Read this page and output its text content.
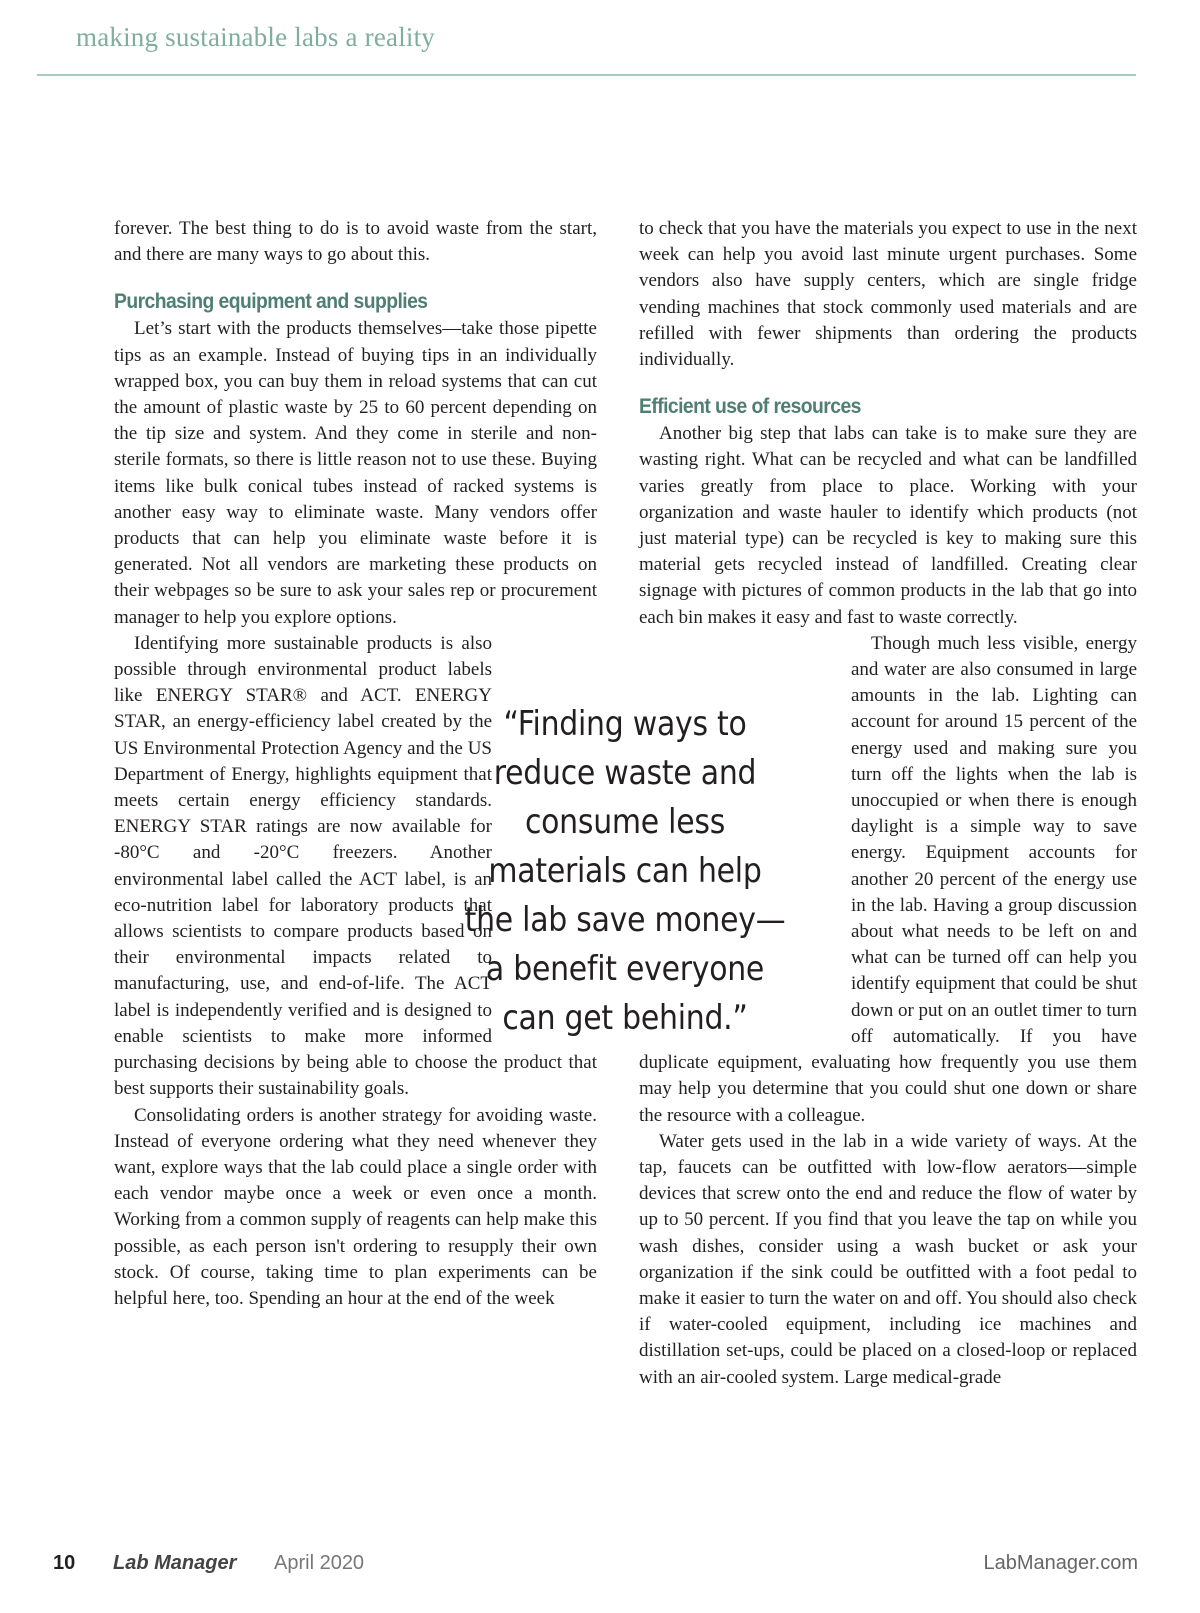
making sustainable labs a reality

forever. The best thing to do is to avoid waste from the start, and there are many ways to go about this.

Purchasing equipment and supplies

Let’s start with the products themselves—take those pipette tips as an example. Instead of buying tips in an individually wrapped box, you can buy them in reload systems that can cut the amount of plastic waste by 25 to 60 percent depending on the tip size and system. And they come in sterile and non-sterile formats, so there is little reason not to use these. Buying items like bulk conical tubes instead of racked systems is another easy way to eliminate waste. Many vendors offer products that can help you eliminate waste before it is generated. Not all vendors are marketing these products on their webpages so be sure to ask your sales rep or procurement manager to help you explore options.

Identifying more sustainable products is also possible through environmental product labels like ENERGY STAR® and ACT. ENERGY STAR, an energy-efficiency label created by the US Environmental Protection Agency and the US Department of Energy, highlights equipment that meets certain energy efficiency standards. ENERGY STAR ratings are now available for -80°C and -20°C freezers. Another environmental label called the ACT label, is an eco-nutrition label for laboratory products that allows scientists to compare products based on their environmental impacts related to manufacturing, use, and end-of-life. The ACT label is independently verified and is designed to enable scientists to make more informed purchasing decisions by being able to choose the product that best supports their sustainability goals.

Consolidating orders is another strategy for avoiding waste. Instead of everyone ordering what they need whenever they want, explore ways that the lab could place a single order with each vendor maybe once a week or even once a month. Working from a common supply of reagents can help make this possible, as each person isn't ordering to resupply their own stock. Of course, taking time to plan experiments can be helpful here, too. Spending an hour at the end of the week

to check that you have the materials you expect to use in the next week can help you avoid last minute urgent purchases. Some vendors also have supply centers, which are single fridge vending machines that stock commonly used materials and are refilled with fewer shipments than ordering the products individually.

Efficient use of resources

Another big step that labs can take is to make sure they are wasting right. What can be recycled and what can be landfilled varies greatly from place to place. Working with your organization and waste hauler to identify which products (not just material type) can be recycled is key to making sure this material gets recycled instead of landfilled. Creating clear signage with pictures of common products in the lab that go into each bin makes it easy and fast to waste correctly.

Though much less visible, energy and water are also consumed in large amounts in the lab. Lighting can account for around 15 percent of the energy used and making sure you turn off the lights when the lab is unoccupied or when there is enough daylight is a simple way to save energy. Equipment accounts for another 20 percent of the energy use in the lab. Having a group discussion about what needs to be left on and what can be turned off can help you identify equipment that could be shut down or put on an outlet timer to turn off automatically. If you have duplicate equipment, evaluating how frequently you use them may help you determine that you could shut one down or share the resource with a colleague.

Water gets used in the lab in a wide variety of ways. At the tap, faucets can be outfitted with low-flow aerators—simple devices that screw onto the end and reduce the flow of water by up to 50 percent. If you find that you leave the tap on while you wash dishes, consider using a wash bucket or ask your organization if the sink could be outfitted with a foot pedal to make it easier to turn the water on and off. You should also check if water-cooled equipment, including ice machines and distillation set-ups, could be placed on a closed-loop or replaced with an air-cooled system. Large medical-grade

“Finding ways to reduce waste and consume less materials can help the lab save money—a benefit everyone can get behind.”
10 Lab Manager April 2020	LabManager.com
